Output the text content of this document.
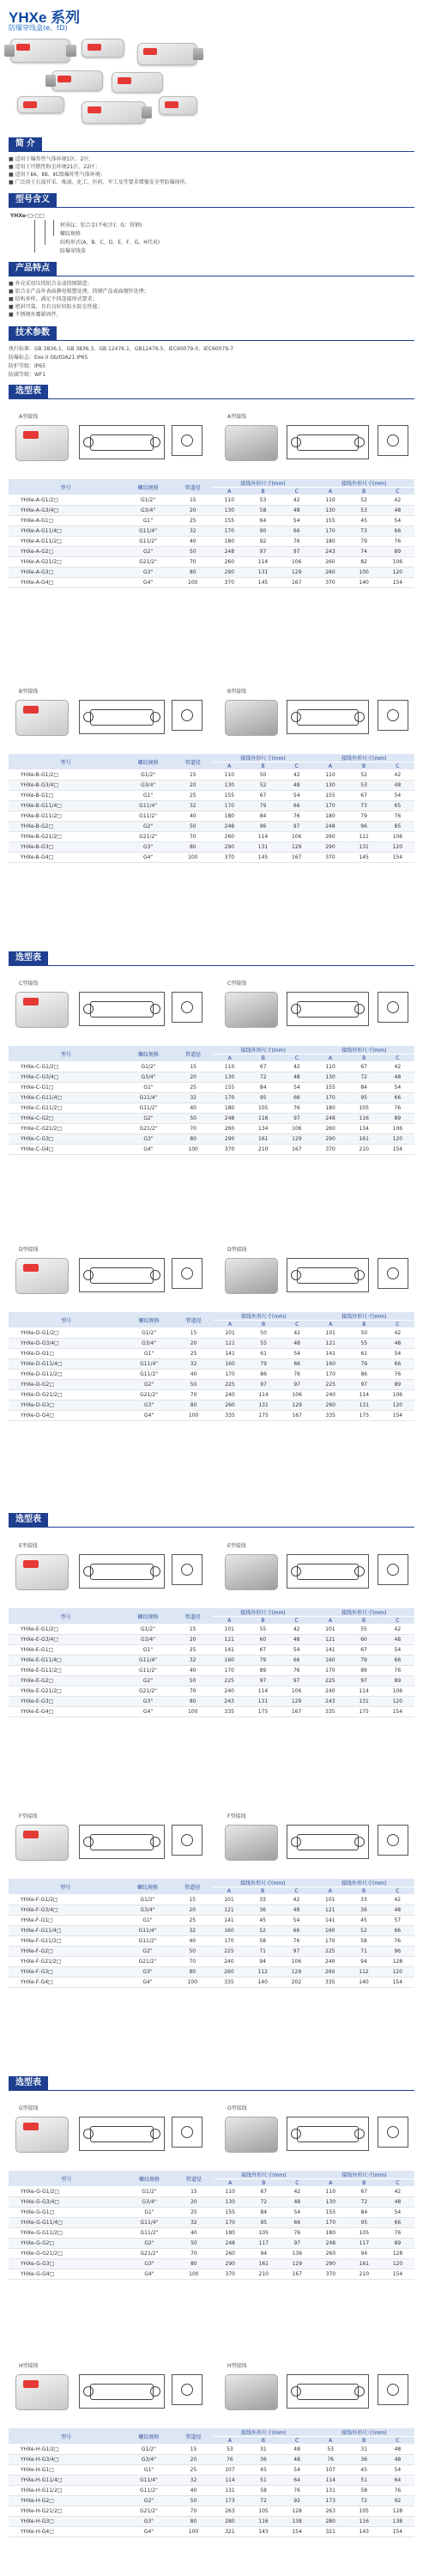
YHXe 系列
防爆穿线盒(e、tD)
简 介
■ 适用于爆炸性气体环境1区、2区；
■ 适用于可燃性粉尘环境21区、22区；
■ 适用于ⅡA、ⅡB、ⅡC级爆炸性气体环境；
■ 广泛用于石油开采、炼油、化工、医药、军工及等要求增强安全型防爆场所。
型号含义
YHXe-□-□□
材质(L：铝合金(不标注)；G：铸钢)
螺纹规格
结构形式(A、B、C、D、E、F、G、H代表)
防爆穿线盒
产品特点
■ 外壳采用压铸铝合金或铸钢制造；
■ 铝合金产品外表面静电喷塑处理，铸钢产品表面镀锌处理；
■ 结构多样，满足不同连接形式要求；
■ 密封可靠，具有良好的防水防尘性能；
■ 不锈钢外露紧固件。
技术参数
执行标准：GB 3836.1、GB 3836.3、GB 12476.1、GB12476.5、IEC60079-0、IEC60079-7
防爆标志：Exe II Gb/tDA21 IP65
防护等级：IP65
防腐等级：WF1
选型表
选型表
选型表
选型表
A型接线	A型接线
型号	螺纹规格	管道径	接线外形尺寸(mm)			接线外形尺寸(mm)		
			A	B	C	A	B	C
YHXe-A-G1/2□	G1/2"	15	110	53	42	110	52	42
YHXe-A-G3/4□	G3/4"	20	130	58	48	130	53	48
YHXe-A-G1□	G1"	25	155	64	54	155	45	54
YHXe-A-G11/4□	G11/4"	32	170	90	66	170	73	66
YHXe-A-G11/2□	G11/2"	40	180	92	76	180	79	76
YHXe-A-G2□	G2"	50	248	97	97	243	74	89
YHXe-A-G21/2□	G21/2"	70	260	114	106	260	82	106
YHXe-A-G3□	G3"	80	290	131	129	260	100	120
YHXe-A-G4□	G4"	100	370	145	167	370	140	154
B型接线	B型接线
型号	螺纹规格	管道径	接线外形尺寸(mm)			接线外形尺寸(mm)		
			A	B	C	A	B	C
YHXe-B-G1/2□	G1/2"	15	110	50	42	110	52	42
YHXe-B-G3/4□	G3/4"	20	130	52	48	130	53	48
YHXe-B-G1□	G1"	25	155	67	54	155	67	54
YHXe-B-G11/4□	G11/4"	32	170	79	66	170	73	65
YHXe-B-G11/2□	G11/2"	40	180	84	76	180	79	76
YHXe-B-G2□	G2"	50	248	96	97	248	96	85
YHXe-B-G21/2□	G21/2"	70	260	114	106	260	111	106
YHXe-B-G3□	G3"	80	290	131	129	290	131	120
YHXe-B-G4□	G4"	100	370	145	167	370	145	154
C型接线	C型接线
型号	螺纹规格	管道径	接线外形尺寸(mm)			接线外形尺寸(mm)		
			A	B	C	A	B	C
YHXe-C-G1/2□	G1/2"	15	110	67	42	110	67	42
YHXe-C-G3/4□	G3/4"	20	130	72	48	130	72	48
YHXe-C-G1□	G1"	25	155	84	54	155	84	54
YHXe-C-G11/4□	G11/4"	32	170	95	66	170	95	66
YHXe-C-G11/2□	G11/2"	40	180	105	76	180	105	76
YHXe-C-G2□	G2"	50	248	116	97	248	116	89
YHXe-C-G21/2□	G21/2"	70	260	134	106	260	134	106
YHXe-C-G3□	G3"	80	290	161	129	290	161	120
YHXe-C-G4□	G4"	100	370	210	167	370	210	154
D型接线	D型接线
型号	螺纹规格	管道径	接线外形尺寸(mm)			接线外形尺寸(mm)		
			A	B	C	A	B	C
YHXe-D-G1/2□	G1/2"	15	101	50	42	101	50	42
YHXe-D-G3/4□	G3/4"	20	121	55	48	121	55	48
YHXe-D-G1□	G1"	25	141	61	54	141	61	54
YHXe-D-G11/4□	G11/4"	32	160	79	66	160	79	66
YHXe-D-G11/2□	G11/2"	40	170	86	76	170	86	76
YHXe-D-G2□	G2"	50	225	97	97	225	97	89
YHXe-D-G21/2□	G21/2"	70	240	114	106	240	114	106
YHXe-D-G3□	G3"	80	260	131	129	260	131	120
YHXe-D-G4□	G4"	100	335	175	167	335	175	154
E型接线	E型接线
型号	螺纹规格	管道径	接线外形尺寸(mm)			接线外形尺寸(mm)		
			A	B	C	A	B	C
YHXe-E-G1/2□	G1/2"	15	101	55	42	101	55	42
YHXe-E-G3/4□	G3/4"	20	121	60	48	121	60	48
YHXe-E-G1□	G1"	25	141	67	54	141	67	54
YHXe-E-G11/4□	G11/4"	32	160	79	66	160	79	66
YHXe-E-G11/2□	G11/2"	40	170	89	76	170	89	76
YHXe-E-G2□	G2"	50	225	97	97	225	97	89
YHXe-E-G21/2□	G21/2"	70	240	114	106	240	114	106
YHXe-E-G3□	G3"	80	243	131	129	243	131	120
YHXe-E-G4□	G4"	100	335	175	167	335	175	154
F型接线	F型接线
型号	螺纹规格	管道径	接线外形尺寸(mm)			接线外形尺寸(mm)		
			A	B	C	A	B	C
YHXe-F-G1/2□	G1/2"	15	101	33	42	101	33	42
YHXe-F-G3/4□	G3/4"	20	121	36	48	121	36	48
YHXe-F-G1□	G1"	25	141	45	54	141	45	57
YHXe-F-G11/4□	G11/4"	32	160	52	66	160	52	66
YHXe-F-G11/2□	G11/2"	40	170	58	76	170	58	76
YHXe-F-G2□	G2"	50	225	71	97	225	71	96
YHXe-F-G21/2□	G21/2"	70	240	94	106	240	94	128
YHXe-F-G3□	G3"	80	260	112	129	260	112	120
YHXe-F-G4□	G4"	100	335	140	202	335	140	154
G型接线	G型接线
型号	螺纹规格	管道径	接线外形尺寸(mm)			接线外形尺寸(mm)		
			A	B	C	A	B	C
YHXe-G-G1/2□	G1/2"	15	110	67	42	110	67	42
YHXe-G-G3/4□	G3/4"	20	130	72	48	130	72	48
YHXe-G-G1□	G1"	25	155	84	54	155	84	54
YHXe-G-G11/4□	G11/4"	32	170	95	66	170	95	66
YHXe-G-G11/2□	G11/2"	40	180	105	76	180	105	76
YHXe-G-G2□	G2"	50	248	117	97	248	117	89
YHXe-G-G21/2□	G21/2"	70	260	94	136	260	94	128
YHXe-G-G3□	G3"	80	290	161	129	290	161	120
YHXe-G-G4□	G4"	100	370	210	167	370	210	154
H型接线	H型接线
型号	螺纹规格	管道径	接线外形尺寸(mm)			接线外形尺寸(mm)		
			A	B	C	A	B	C
YHXe-H-G1/2□	G1/2"	15	53	31	48	53	31	48
YHXe-H-G3/4□	G3/4"	20	76	36	48	76	36	48
YHXe-H-G1□	G1"	25	107	45	54	107	45	54
YHXe-H-G11/4□	G11/4"	32	114	51	64	114	51	64
YHXe-H-G11/2□	G11/2"	40	131	58	76	131	58	76
YHXe-H-G2□	G2"	50	173	72	92	173	72	92
YHXe-H-G21/2□	G21/2"	70	263	105	128	263	105	128
YHXe-H-G3□	G3"	80	280	116	138	280	116	138
YHXe-H-G4□	G4"	100	321	143	154	321	143	154
